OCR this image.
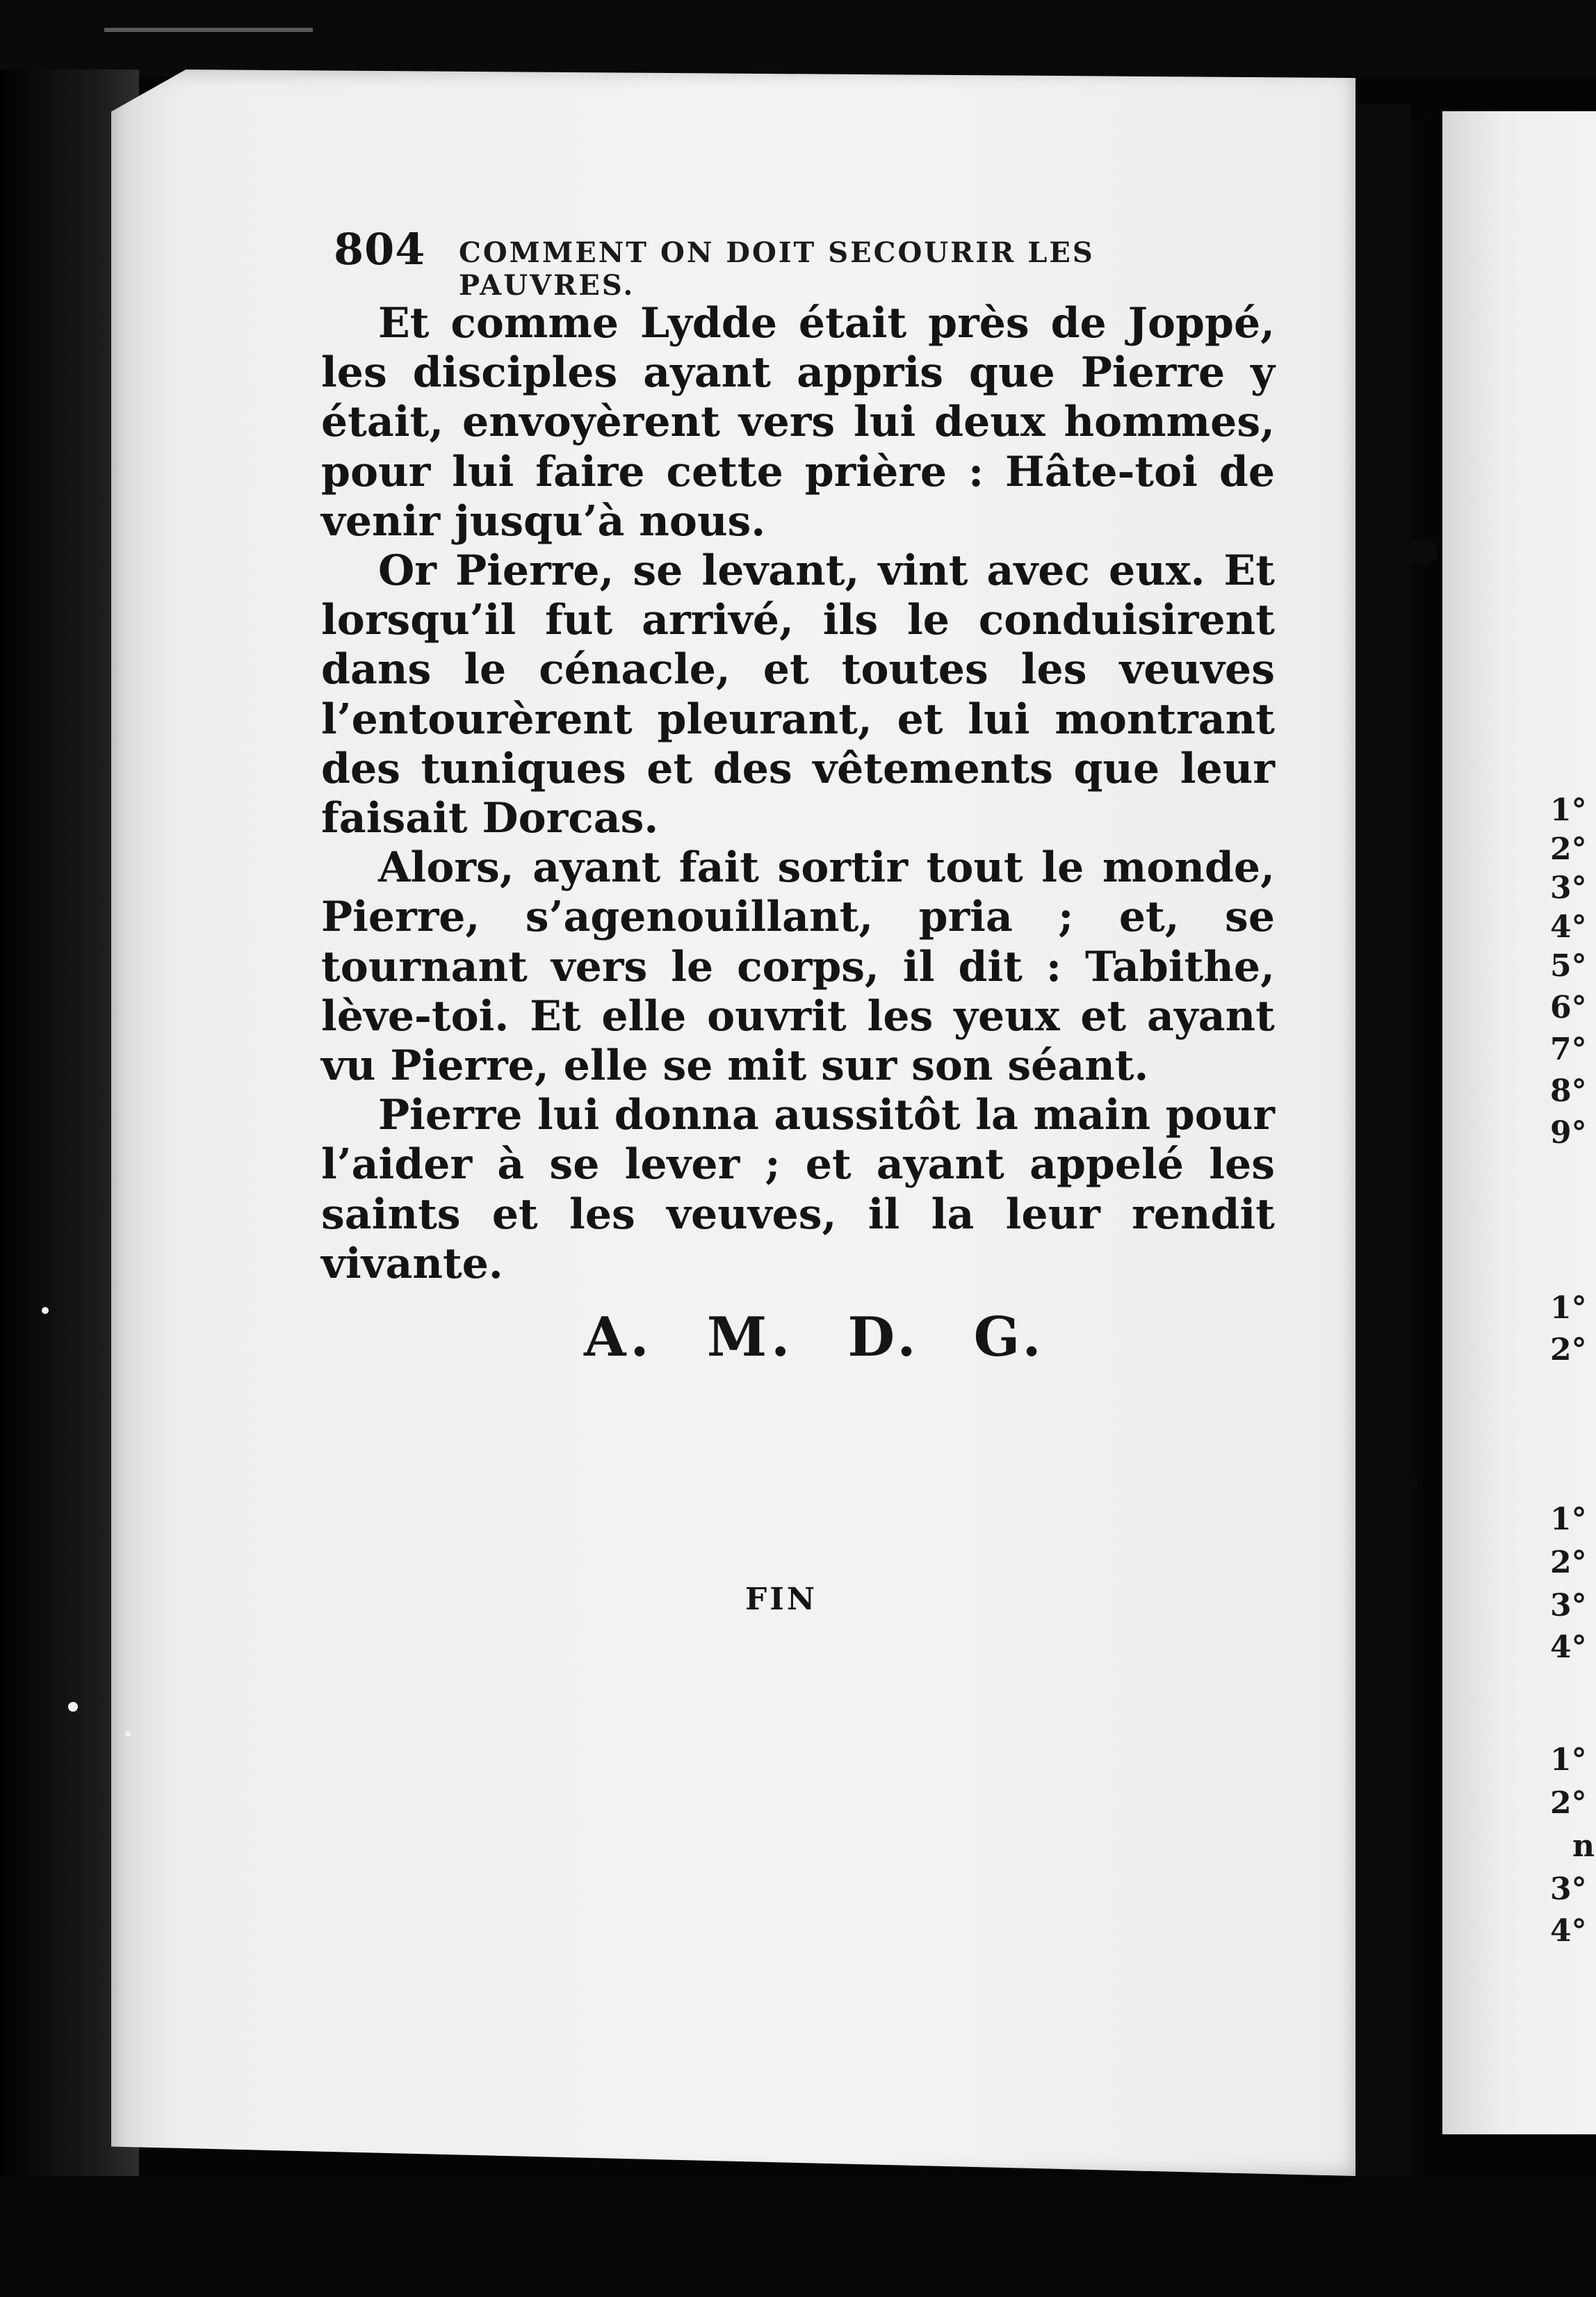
804 COMMENT ON DOIT SECOURIR LES PAUVRES.

Et comme Lydde était près de Joppé, les disciples ayant appris que Pierre y était, envoyèrent vers lui deux hommes, pour lui faire cette prière : Hâte-toi de venir jusqu’à nous.

Or Pierre, se levant, vint avec eux. Et lorsqu’il fut arrivé, ils le conduisirent dans le cénacle, et toutes les veuves l’entourèrent pleurant, et lui montrant des tuniques et des vêtements que leur faisait Dorcas.

Alors, ayant fait sortir tout le monde, Pierre, s’agenouillant, pria ; et, se tournant vers le corps, il dit : Tabithe, lève-toi. Et elle ouvrit les yeux et ayant vu Pierre, elle se mit sur son séant.

Pierre lui donna aussitôt la main pour l’aider à se lever ; et ayant appelé les saints et les veuves, il la leur rendit vivante.

A. M. D. G.
FIN
1°
2°
3°
4°
5°
6°
7°
8°
9°
1°
2°
1°
2°
3°
4°
1°
2°
n
3°
4°
